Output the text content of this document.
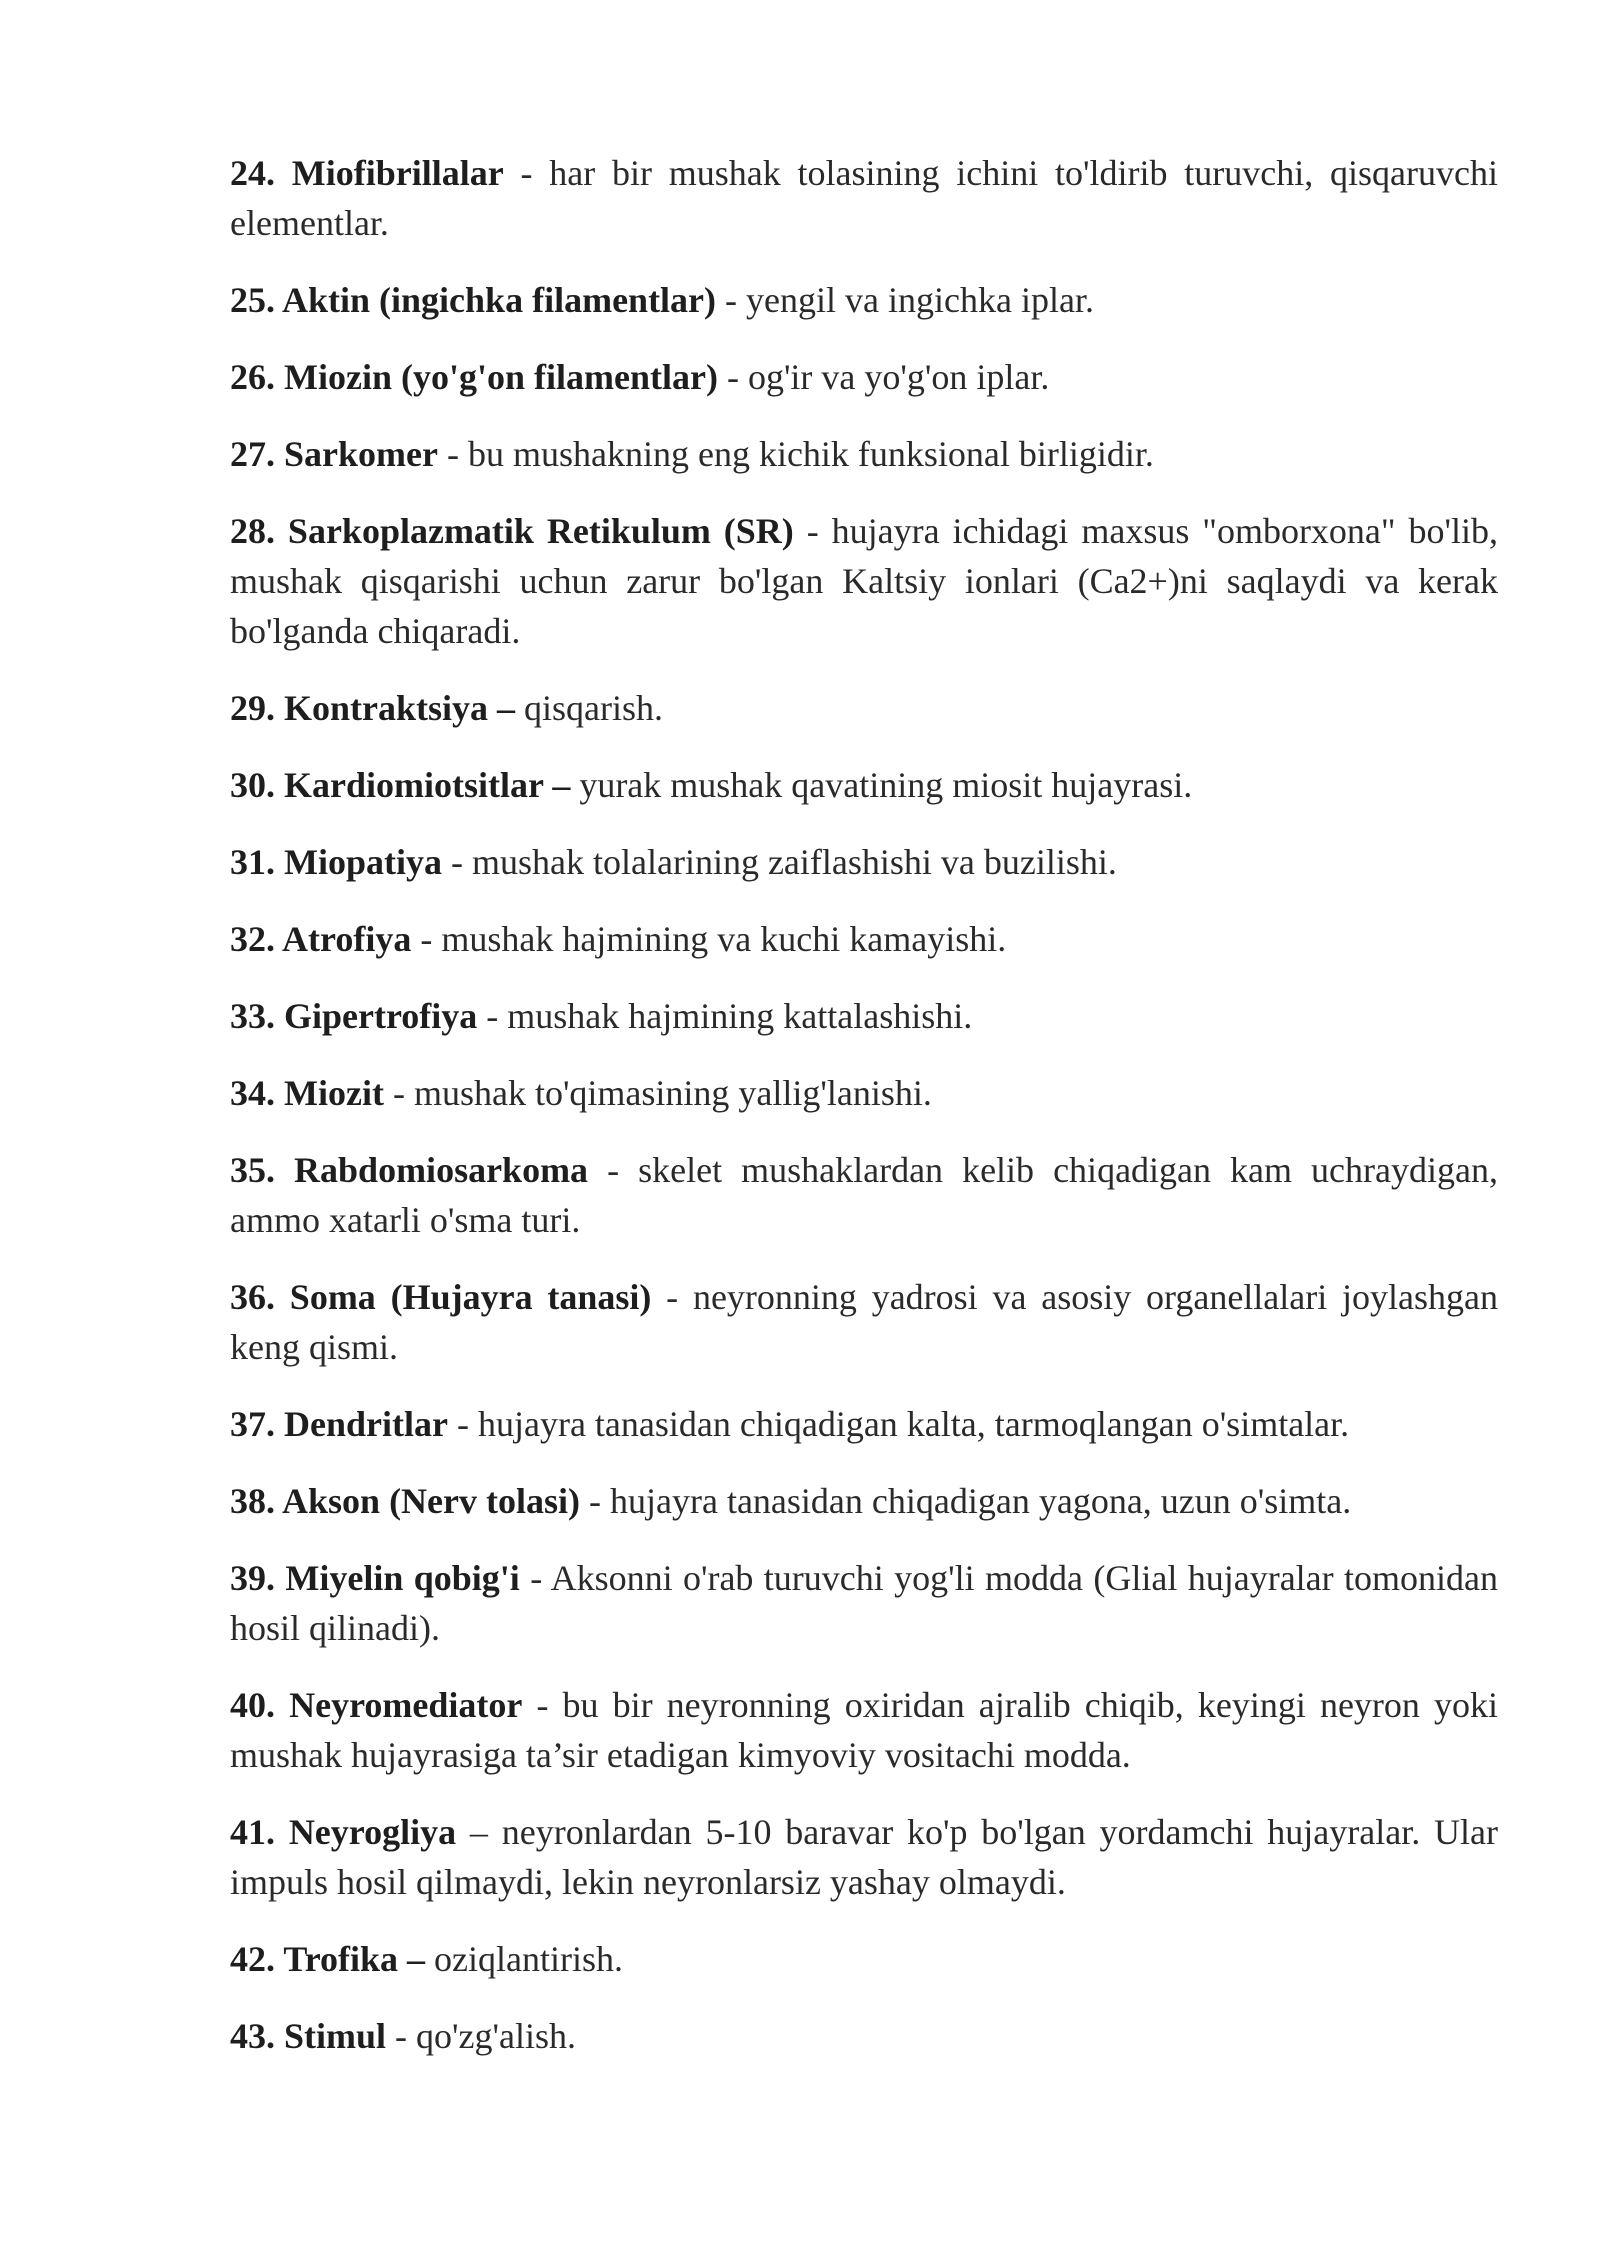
24. Miofibrillalar - har bir mushak tolasining ichini to'ldirib turuvchi, qisqaruvchi elementlar.

25. Aktin (ingichka filamentlar) - yengil va ingichka iplar.

26. Miozin (yo'g'on filamentlar) - og'ir va yo'g'on iplar.

27. Sarkomer - bu mushakning eng kichik funksional birligidir.

28. Sarkoplazmatik Retikulum (SR) - hujayra ichidagi maxsus "omborxona" bo'lib, mushak qisqarishi uchun zarur bo'lgan Kaltsiy ionlari (Ca2+)ni saqlaydi va kerak bo'lganda chiqaradi.

29. Kontraktsiya – qisqarish.

30. Kardiomiotsitlar – yurak mushak qavatining miosit hujayrasi.

31. Miopatiya - mushak tolalarining zaiflashishi va buzilishi.

32. Atrofiya - mushak hajmining va kuchi kamayishi.

33. Gipertrofiya - mushak hajmining kattalashishi.

34. Miozit - mushak to'qimasining yallig'lanishi.

35. Rabdomiosarkoma - skelet mushaklardan kelib chiqadigan kam uchraydigan, ammo xatarli o'sma turi.

36. Soma (Hujayra tanasi) - neyronning yadrosi va asosiy organellalari joylashgan keng qismi.

37. Dendritlar - hujayra tanasidan chiqadigan kalta, tarmoqlangan o'simtalar.

38. Akson (Nerv tolasi) - hujayra tanasidan chiqadigan yagona, uzun o'simta.

39. Miyelin qobig'i - Aksonni o'rab turuvchi yog'li modda (Glial hujayralar tomonidan hosil qilinadi).

40. Neyromediator - bu bir neyronning oxiridan ajralib chiqib, keyingi neyron yoki mushak hujayrasiga ta’sir etadigan kimyoviy vositachi modda.

41. Neyrogliya – neyronlardan 5-10 baravar ko'p bo'lgan yordamchi hujayralar. Ular impuls hosil qilmaydi, lekin neyronlarsiz yashay olmaydi.

42. Trofika – oziqlantirish.

43. Stimul - qo'zg'alish.
